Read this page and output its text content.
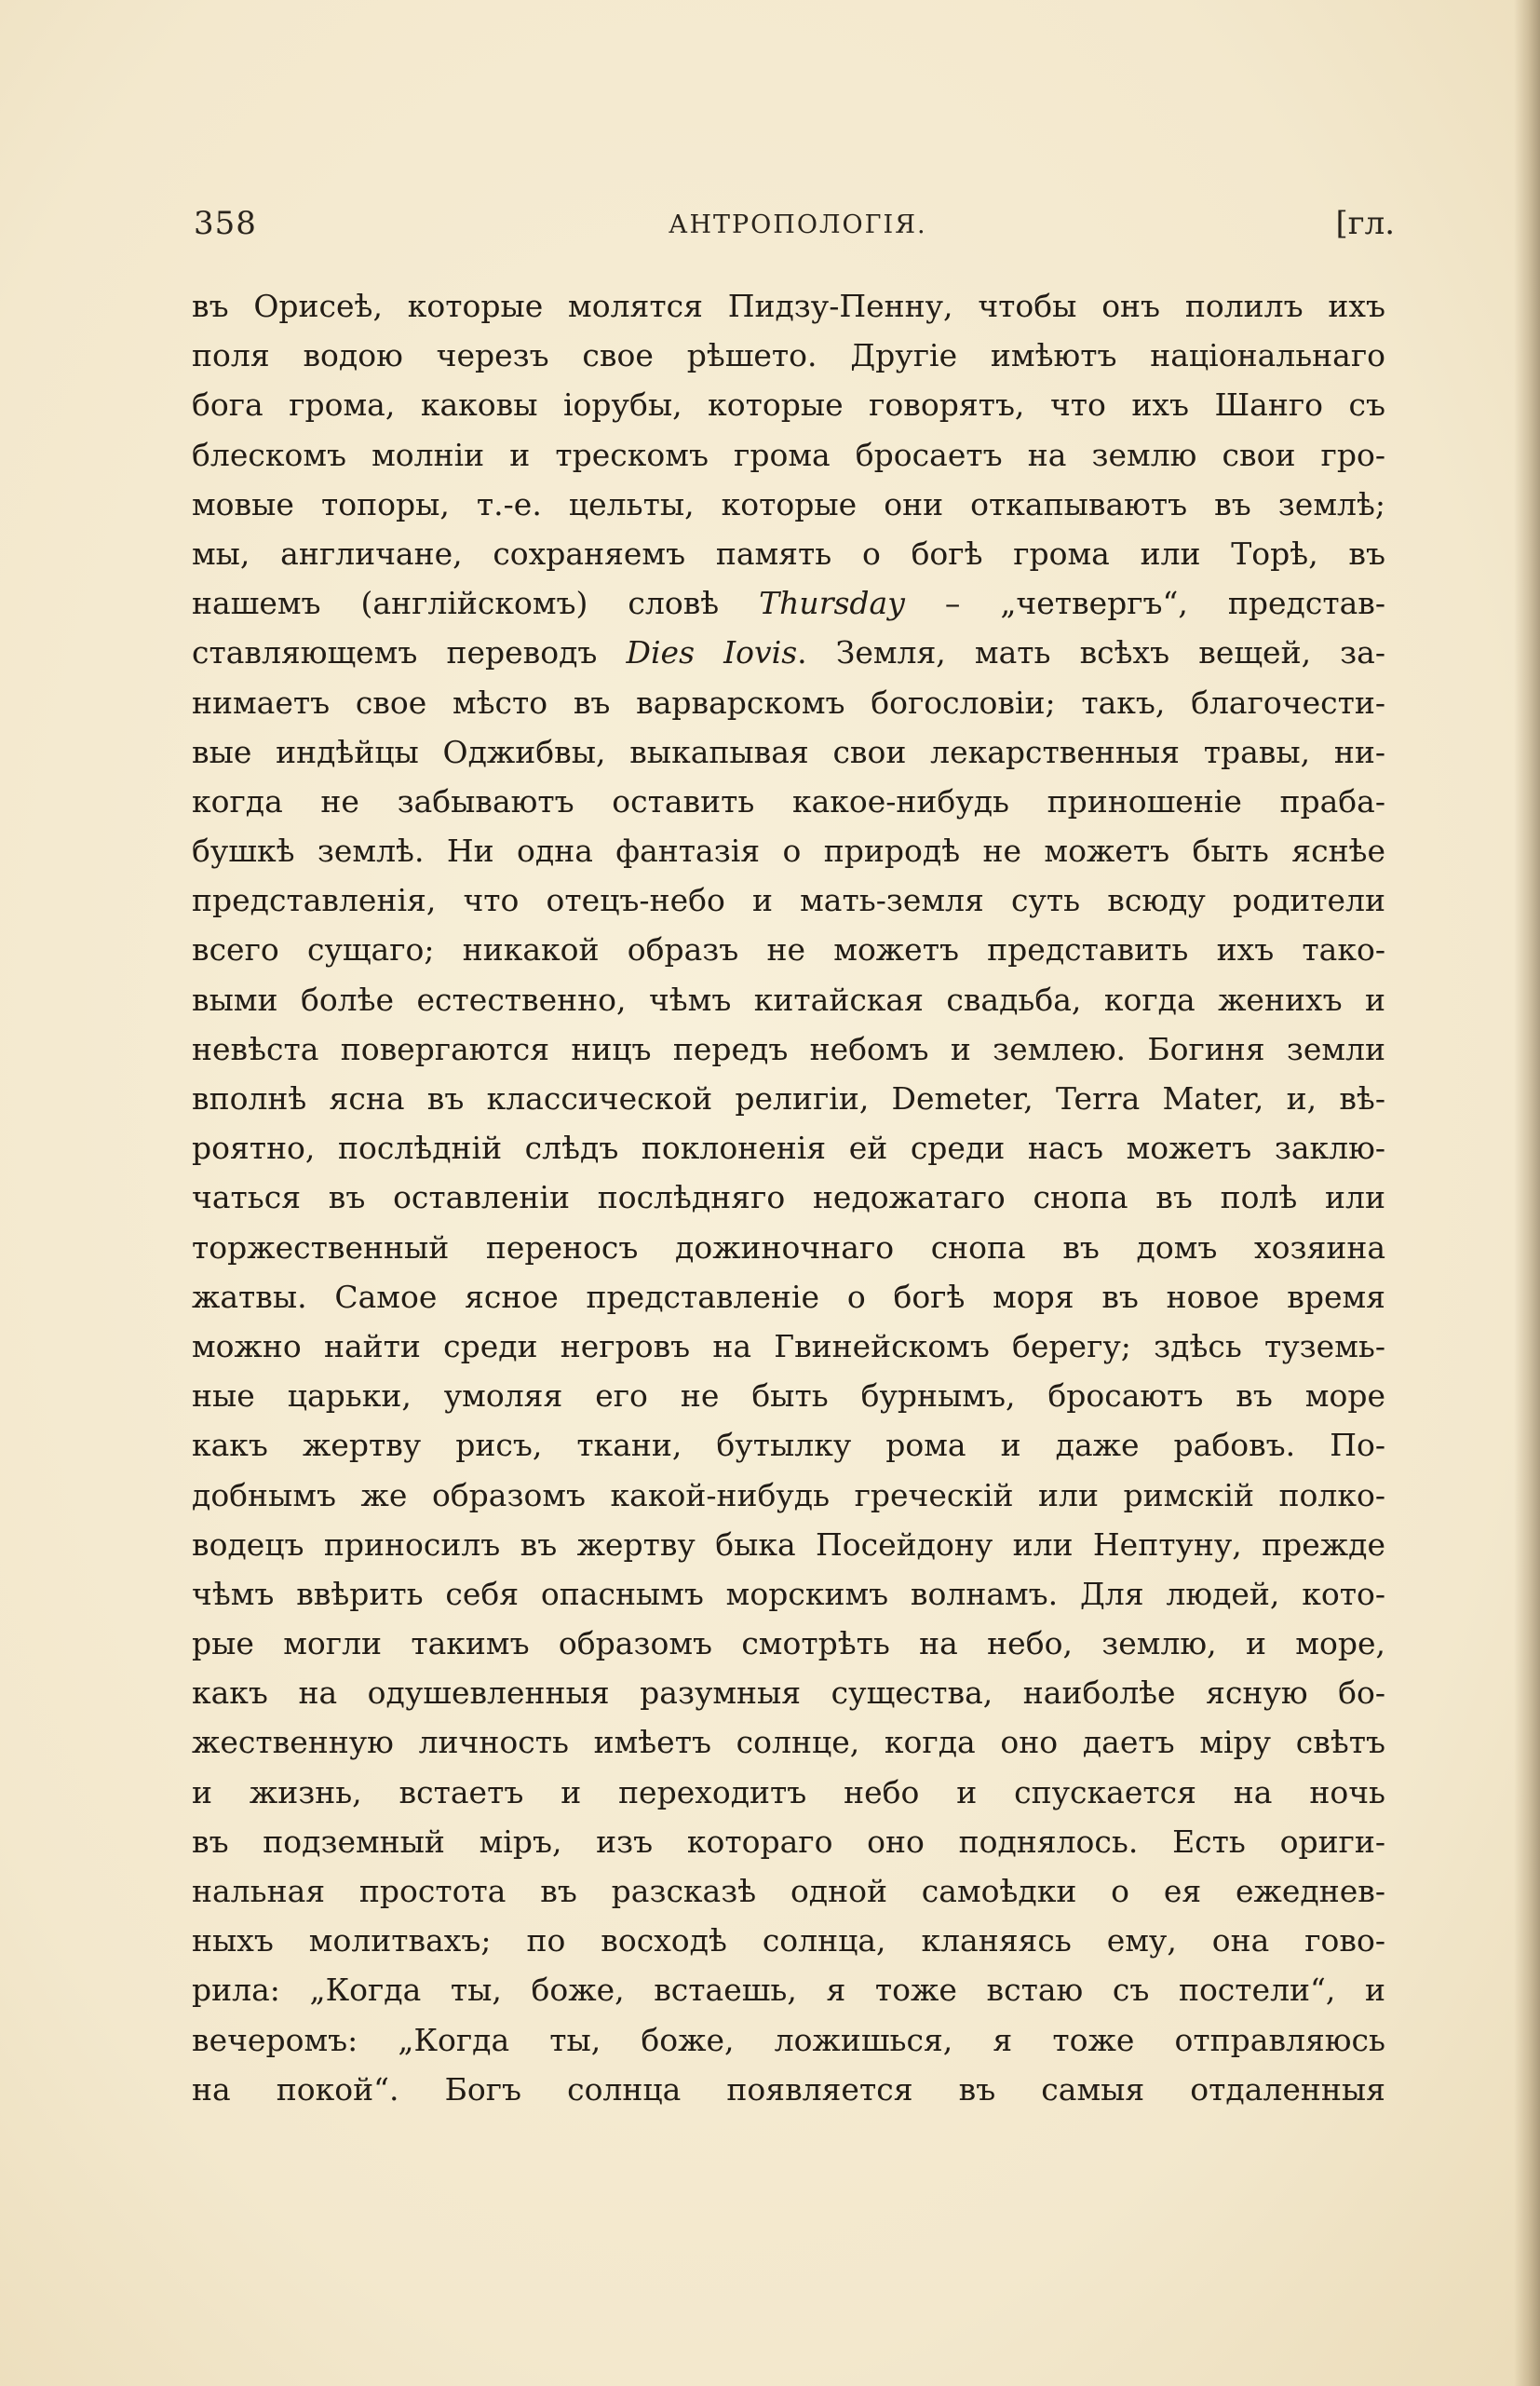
358	АНТРОПОЛОГІЯ.	[гл.
въ Орисеѣ, которые молятся Пидзу-Пенну, чтобы онъ полилъ ихъ
поля водою черезъ свое рѣшето. Другіе имѣютъ національнаго
бога грома, каковы іорубы, которые говорятъ, что ихъ Шанго съ
блескомъ молніи и трескомъ грома бросаетъ на землю свои гро-
мовые топоры, т.-е. цельты, которые они откапываютъ въ землѣ;
мы, англичане, сохраняемъ память о богѣ грома или Торѣ, въ
нашемъ (англійскомъ) словѣ Thursday – „четвергъ“, представ-
ставляющемъ переводъ Dies Iovis. Земля, мать всѣхъ вещей, за-
нимаетъ свое мѣсто въ варварскомъ богословіи; такъ, благочести-
вые индѣйцы Оджибвы, выкапывая свои лекарственныя травы, ни-
когда не забываютъ оставить какое-нибудь приношеніе праба-
бушкѣ землѣ. Ни одна фантазія о природѣ не можетъ быть яснѣе
представленія, что отецъ-небо и мать-земля суть всюду родители
всего сущаго; никакой образъ не можетъ представить ихъ тако-
выми болѣе естественно, чѣмъ китайская свадьба, когда женихъ и
невѣста повергаются ницъ передъ небомъ и землею. Богиня земли
вполнѣ ясна въ классической религіи, Demeter, Terra Mater, и, вѣ-
роятно, послѣдній слѣдъ поклоненія ей среди насъ можетъ заклю-
чаться въ оставленіи послѣдняго недожатаго снопа въ полѣ или
торжественный переносъ дожиночнаго снопа въ домъ хозяина
жатвы. Самое ясное представленіе о богѣ моря въ новое время
можно найти среди негровъ на Гвинейскомъ берегу; здѣсь туземь-
ные царьки, умоляя его не быть бурнымъ, бросаютъ въ море
какъ жертву рисъ, ткани, бутылку рома и даже рабовъ. По-
добнымъ же образомъ какой-нибудь греческій или римскій полко-
водецъ приносилъ въ жертву быка Посейдону или Нептуну, прежде
чѣмъ ввѣрить себя опаснымъ морскимъ волнамъ. Для людей, кото-
рые могли такимъ образомъ смотрѣть на небо, землю, и море,
какъ на одушевленныя разумныя существа, наиболѣе ясную бо-
жественную личность имѣетъ солнце, когда оно даетъ міру свѣтъ
и жизнь, встаетъ и переходитъ небо и спускается на ночь
въ подземный міръ, изъ котораго оно поднялось. Есть ориги-
нальная простота въ разсказѣ одной самоѣдки о ея ежеднев-
ныхъ молитвахъ; по восходѣ солнца, кланяясь ему, она гово-
рила: „Когда ты, боже, встаешь, я тоже встаю съ постели“, и
вечеромъ: „Когда ты, боже, ложишься, я тоже отправляюсь
на покой“. Богъ солнца появляется въ самыя отдаленныя
